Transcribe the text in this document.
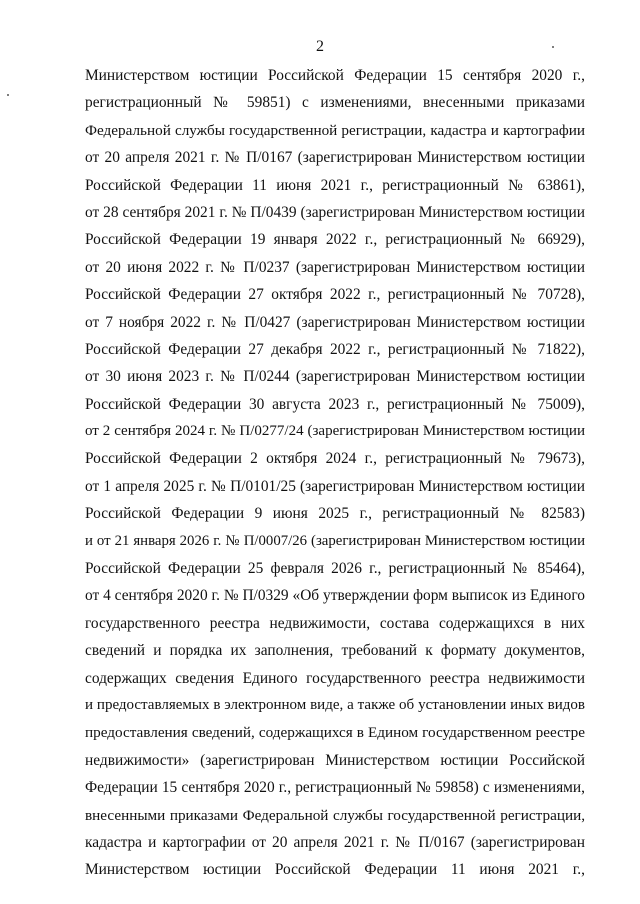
2
Министерством юстиции Российской Федерации 15 сентября 2020 г.,
регистрационный № 59851) с изменениями, внесенными приказами
Федеральной службы государственной регистрации, кадастра и картографии
от 20 апреля 2021 г. № П/0167 (зарегистрирован Министерством юстиции
Российской Федерации 11 июня 2021 г., регистрационный № 63861),
от 28 сентября 2021 г. № П/0439 (зарегистрирован Министерством юстиции
Российской Федерации 19 января 2022 г., регистрационный № 66929),
от 20 июня 2022 г. № П/0237 (зарегистрирован Министерством юстиции
Российской Федерации 27 октября 2022 г., регистрационный № 70728),
от 7 ноября 2022 г. № П/0427 (зарегистрирован Министерством юстиции
Российской Федерации 27 декабря 2022 г., регистрационный № 71822),
от 30 июня 2023 г. № П/0244 (зарегистрирован Министерством юстиции
Российской Федерации 30 августа 2023 г., регистрационный № 75009),
от 2 сентября 2024 г. № П/0277/24 (зарегистрирован Министерством юстиции
Российской Федерации 2 октября 2024 г., регистрационный № 79673),
от 1 апреля 2025 г. № П/0101/25 (зарегистрирован Министерством юстиции
Российской Федерации 9 июня 2025 г., регистрационный № 82583)
и от 21 января 2026 г. № П/0007/26 (зарегистрирован Министерством юстиции
Российской Федерации 25 февраля 2026 г., регистрационный № 85464),
от 4 сентября 2020 г. № П/0329 «Об утверждении форм выписок из Единого
государственного реестра недвижимости, состава содержащихся в них
сведений и порядка их заполнения, требований к формату документов,
содержащих сведения Единого государственного реестра недвижимости
и предоставляемых в электронном виде, а также об установлении иных видов
предоставления сведений, содержащихся в Едином государственном реестре
недвижимости» (зарегистрирован Министерством юстиции Российской
Федерации 15 сентября 2020 г., регистрационный № 59858) с изменениями,
внесенными приказами Федеральной службы государственной регистрации,
кадастра и картографии от 20 апреля 2021 г. № П/0167 (зарегистрирован
Министерством юстиции Российской Федерации 11 июня 2021 г.,
